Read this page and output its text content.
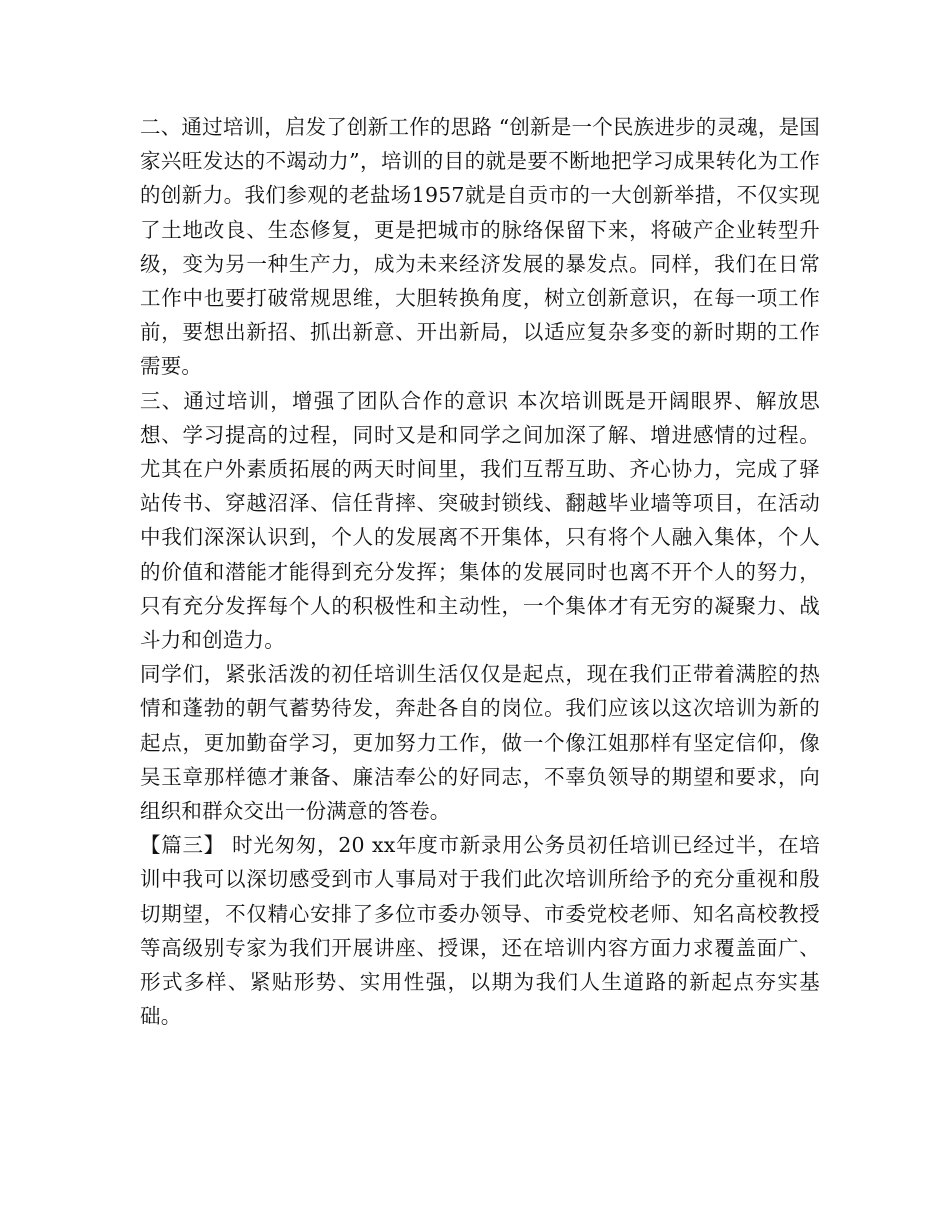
二、通过培训，启发了创新工作的思路 “创新是一个民族进步的灵魂，是国家兴旺发达的不竭动力”，培训的目的就是要不断地把学习成果转化为工作的创新力。我们参观的老盐场1957就是自贡市的一大创新举措，不仅实现了土地改良、生态修复，更是把城市的脉络保留下来，将破产企业转型升级，变为另一种生产力，成为未来经济发展的暴发点。同样，我们在日常工作中也要打破常规思维，大胆转换角度，树立创新意识，在每一项工作前，要想出新招、抓出新意、开出新局，以适应复杂多变的新时期的工作需要。

三、通过培训，增强了团队合作的意识 本次培训既是开阔眼界、解放思想、学习提高的过程，同时又是和同学之间加深了解、增进感情的过程。尤其在户外素质拓展的两天时间里，我们互帮互助、齐心协力，完成了驿站传书、穿越沼泽、信任背摔、突破封锁线、翻越毕业墙等项目，在活动中我们深深认识到，个人的发展离不开集体，只有将个人融入集体，个人的价值和潜能才能得到充分发挥；集体的发展同时也离不开个人的努力，只有充分发挥每个人的积极性和主动性，一个集体才有无穷的凝聚力、战斗力和创造力。

同学们，紧张活泼的初任培训生活仅仅是起点，现在我们正带着满腔的热情和蓬勃的朝气蓄势待发，奔赴各自的岗位。我们应该以这次培训为新的起点，更加勤奋学习，更加努力工作，做一个像江姐那样有坚定信仰，像吴玉章那样德才兼备、廉洁奉公的好同志，不辜负领导的期望和要求，向组织和群众交出一份满意的答卷。

【篇三】 时光匆匆，20 xx年度市新录用公务员初任培训已经过半，在培训中我可以深切感受到市人事局对于我们此次培训所给予的充分重视和殷切期望，不仅精心安排了多位市委办领导、市委党校老师、知名高校教授等高级别专家为我们开展讲座、授课，还在培训内容方面力求覆盖面广、形式多样、紧贴形势、实用性强，以期为我们人生道路的新起点夯实基础。
